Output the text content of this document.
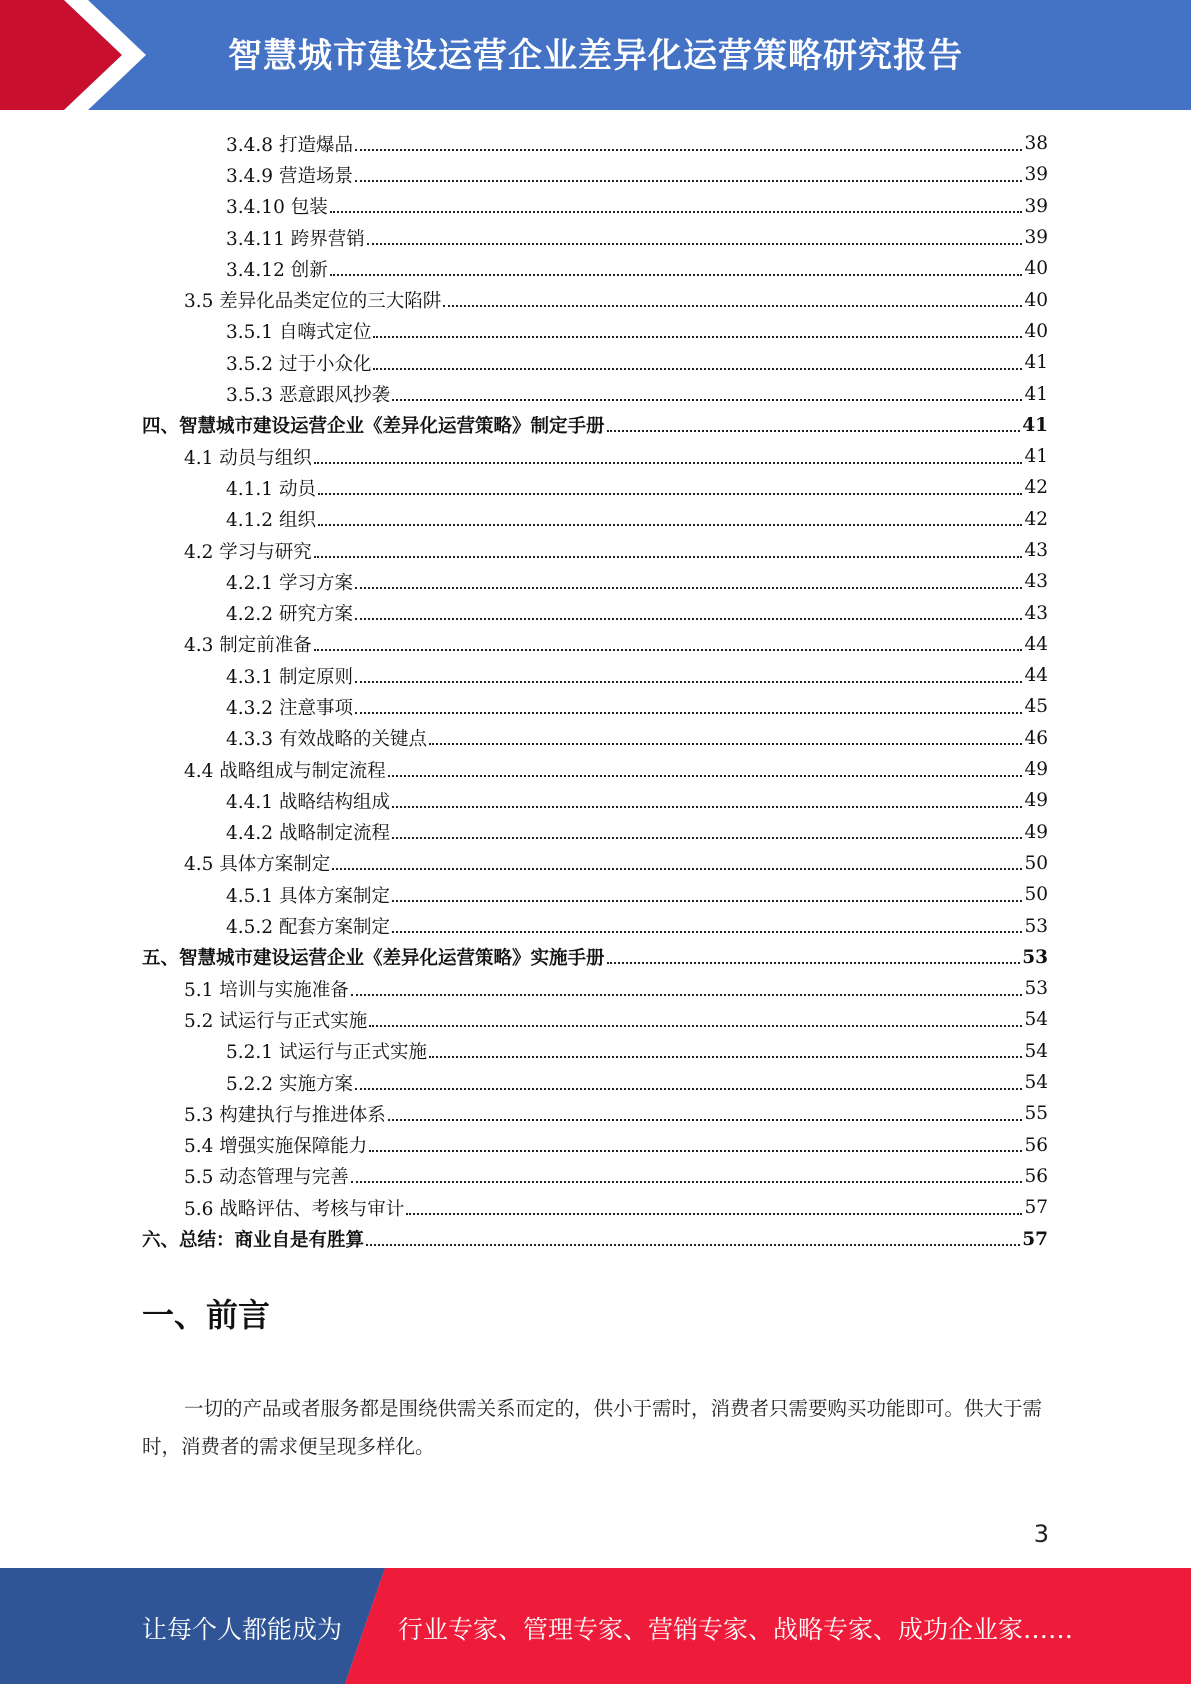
智慧城市建设运营企业差异化运营策略研究报告
3.4.8 打造爆品	38
3.4.9 营造场景	39
3.4.10 包装	39
3.4.11 跨界营销	39
3.4.12 创新	40
3.5 差异化品类定位的三大陷阱	40
3.5.1 自嗨式定位	40
3.5.2 过于小众化	41
3.5.3 恶意跟风抄袭	41
四、智慧城市建设运营企业《差异化运营策略》制定手册	41
4.1 动员与组织	41
4.1.1 动员	42
4.1.2 组织	42
4.2 学习与研究	43
4.2.1 学习方案	43
4.2.2 研究方案	43
4.3 制定前准备	44
4.3.1 制定原则	44
4.3.2 注意事项	45
4.3.3 有效战略的关键点	46
4.4 战略组成与制定流程	49
4.4.1 战略结构组成	49
4.4.2 战略制定流程	49
4.5 具体方案制定	50
4.5.1 具体方案制定	50
4.5.2 配套方案制定	53
五、智慧城市建设运营企业《差异化运营策略》实施手册	53
5.1 培训与实施准备	53
5.2 试运行与正式实施	54
5.2.1 试运行与正式实施	54
5.2.2 实施方案	54
5.3 构建执行与推进体系	55
5.4 增强实施保障能力	56
5.5 动态管理与完善	56
5.6 战略评估、考核与审计	57
六、总结：商业自是有胜算	57
一、前言
一切的产品或者服务都是围绕供需关系而定的，供小于需时，消费者只需要购买功能即可。供大于需时，消费者的需求便呈现多样化。
3
让每个人都能成为 行业专家、管理专家、营销专家、战略专家、成功企业家……
